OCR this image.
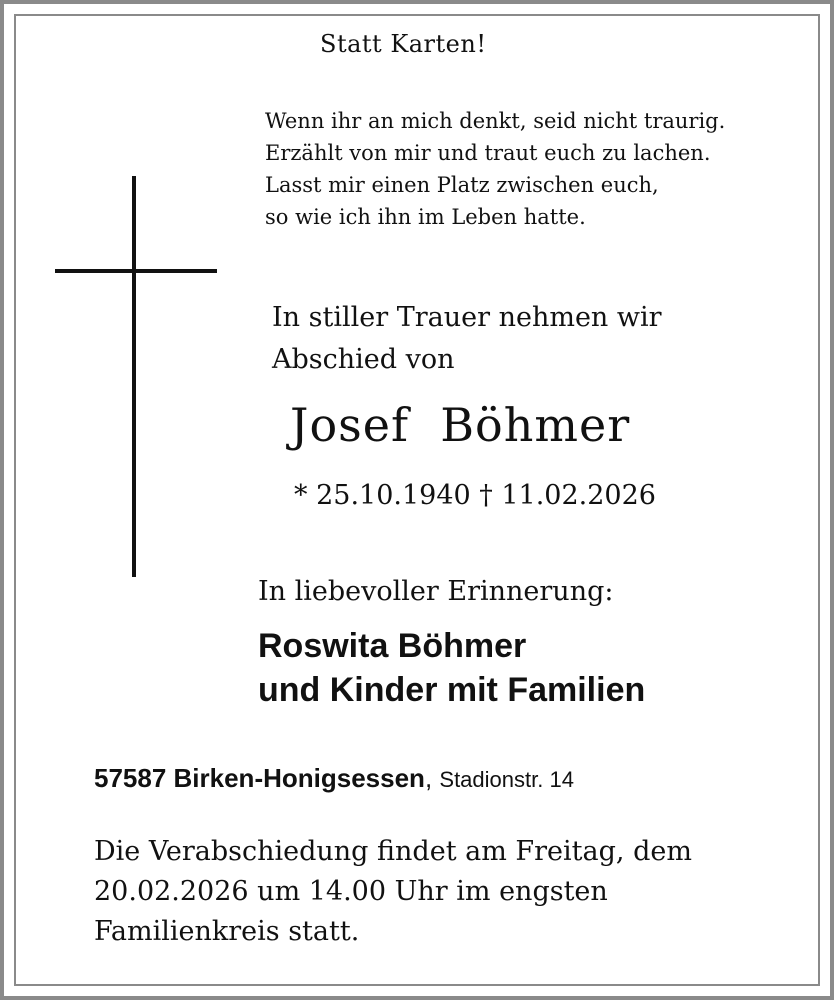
Statt Karten!
Wenn ihr an mich denkt, seid nicht traurig.
Erzählt von mir und traut euch zu lachen.
Lasst mir einen Platz zwischen euch,
so wie ich ihn im Leben hatte.
In stiller Trauer nehmen wir
Abschied von
Josef  Böhmer
* 25.10.1940 † 11.02.2026
In liebevoller Erinnerung:
Roswita Böhmer
und Kinder mit Familien
57587 Birken-Honigsessen, Stadionstr. 14
Die Verabschiedung findet am Freitag, dem
20.02.2026 um 14.00 Uhr im engsten
Familienkreis statt.
